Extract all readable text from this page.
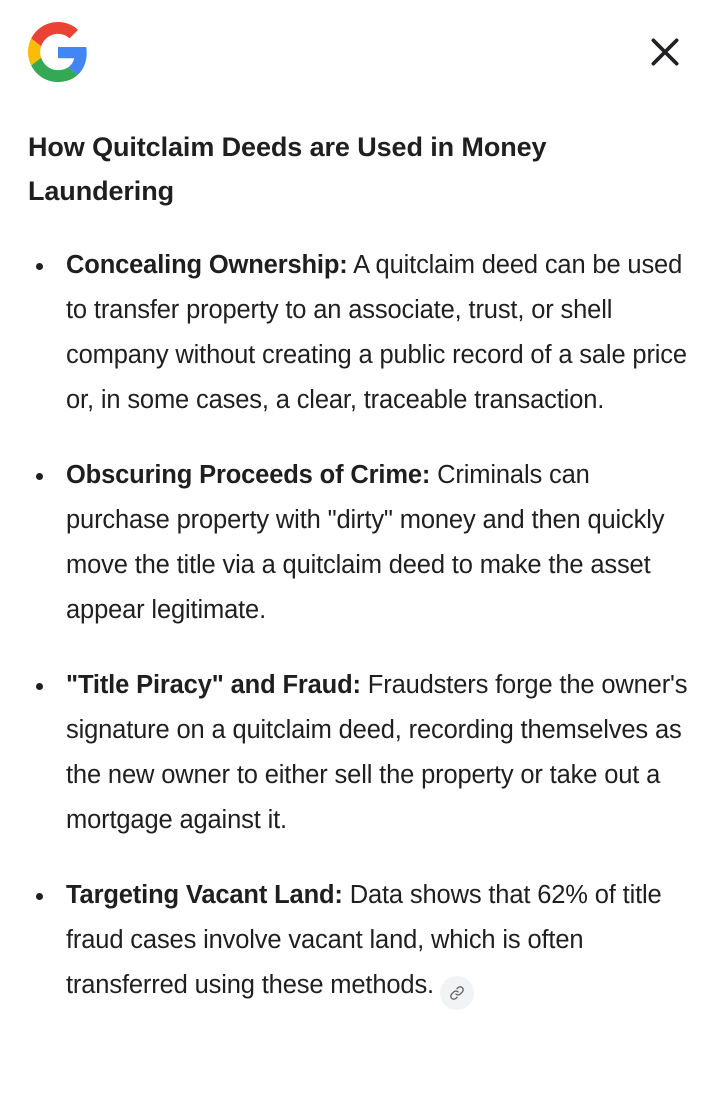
How Quitclaim Deeds are Used in Money Laundering
Concealing Ownership: A quitclaim deed can be used to transfer property to an associate, trust, or shell company without creating a public record of a sale price or, in some cases, a clear, traceable transaction.
Obscuring Proceeds of Crime: Criminals can purchase property with "dirty" money and then quickly move the title via a quitclaim deed to make the asset appear legitimate.
"Title Piracy" and Fraud: Fraudsters forge the owner's signature on a quitclaim deed, recording themselves as the new owner to either sell the property or take out a mortgage against it.
Targeting Vacant Land: Data shows that 62% of title fraud cases involve vacant land, which is often transferred using these methods.
